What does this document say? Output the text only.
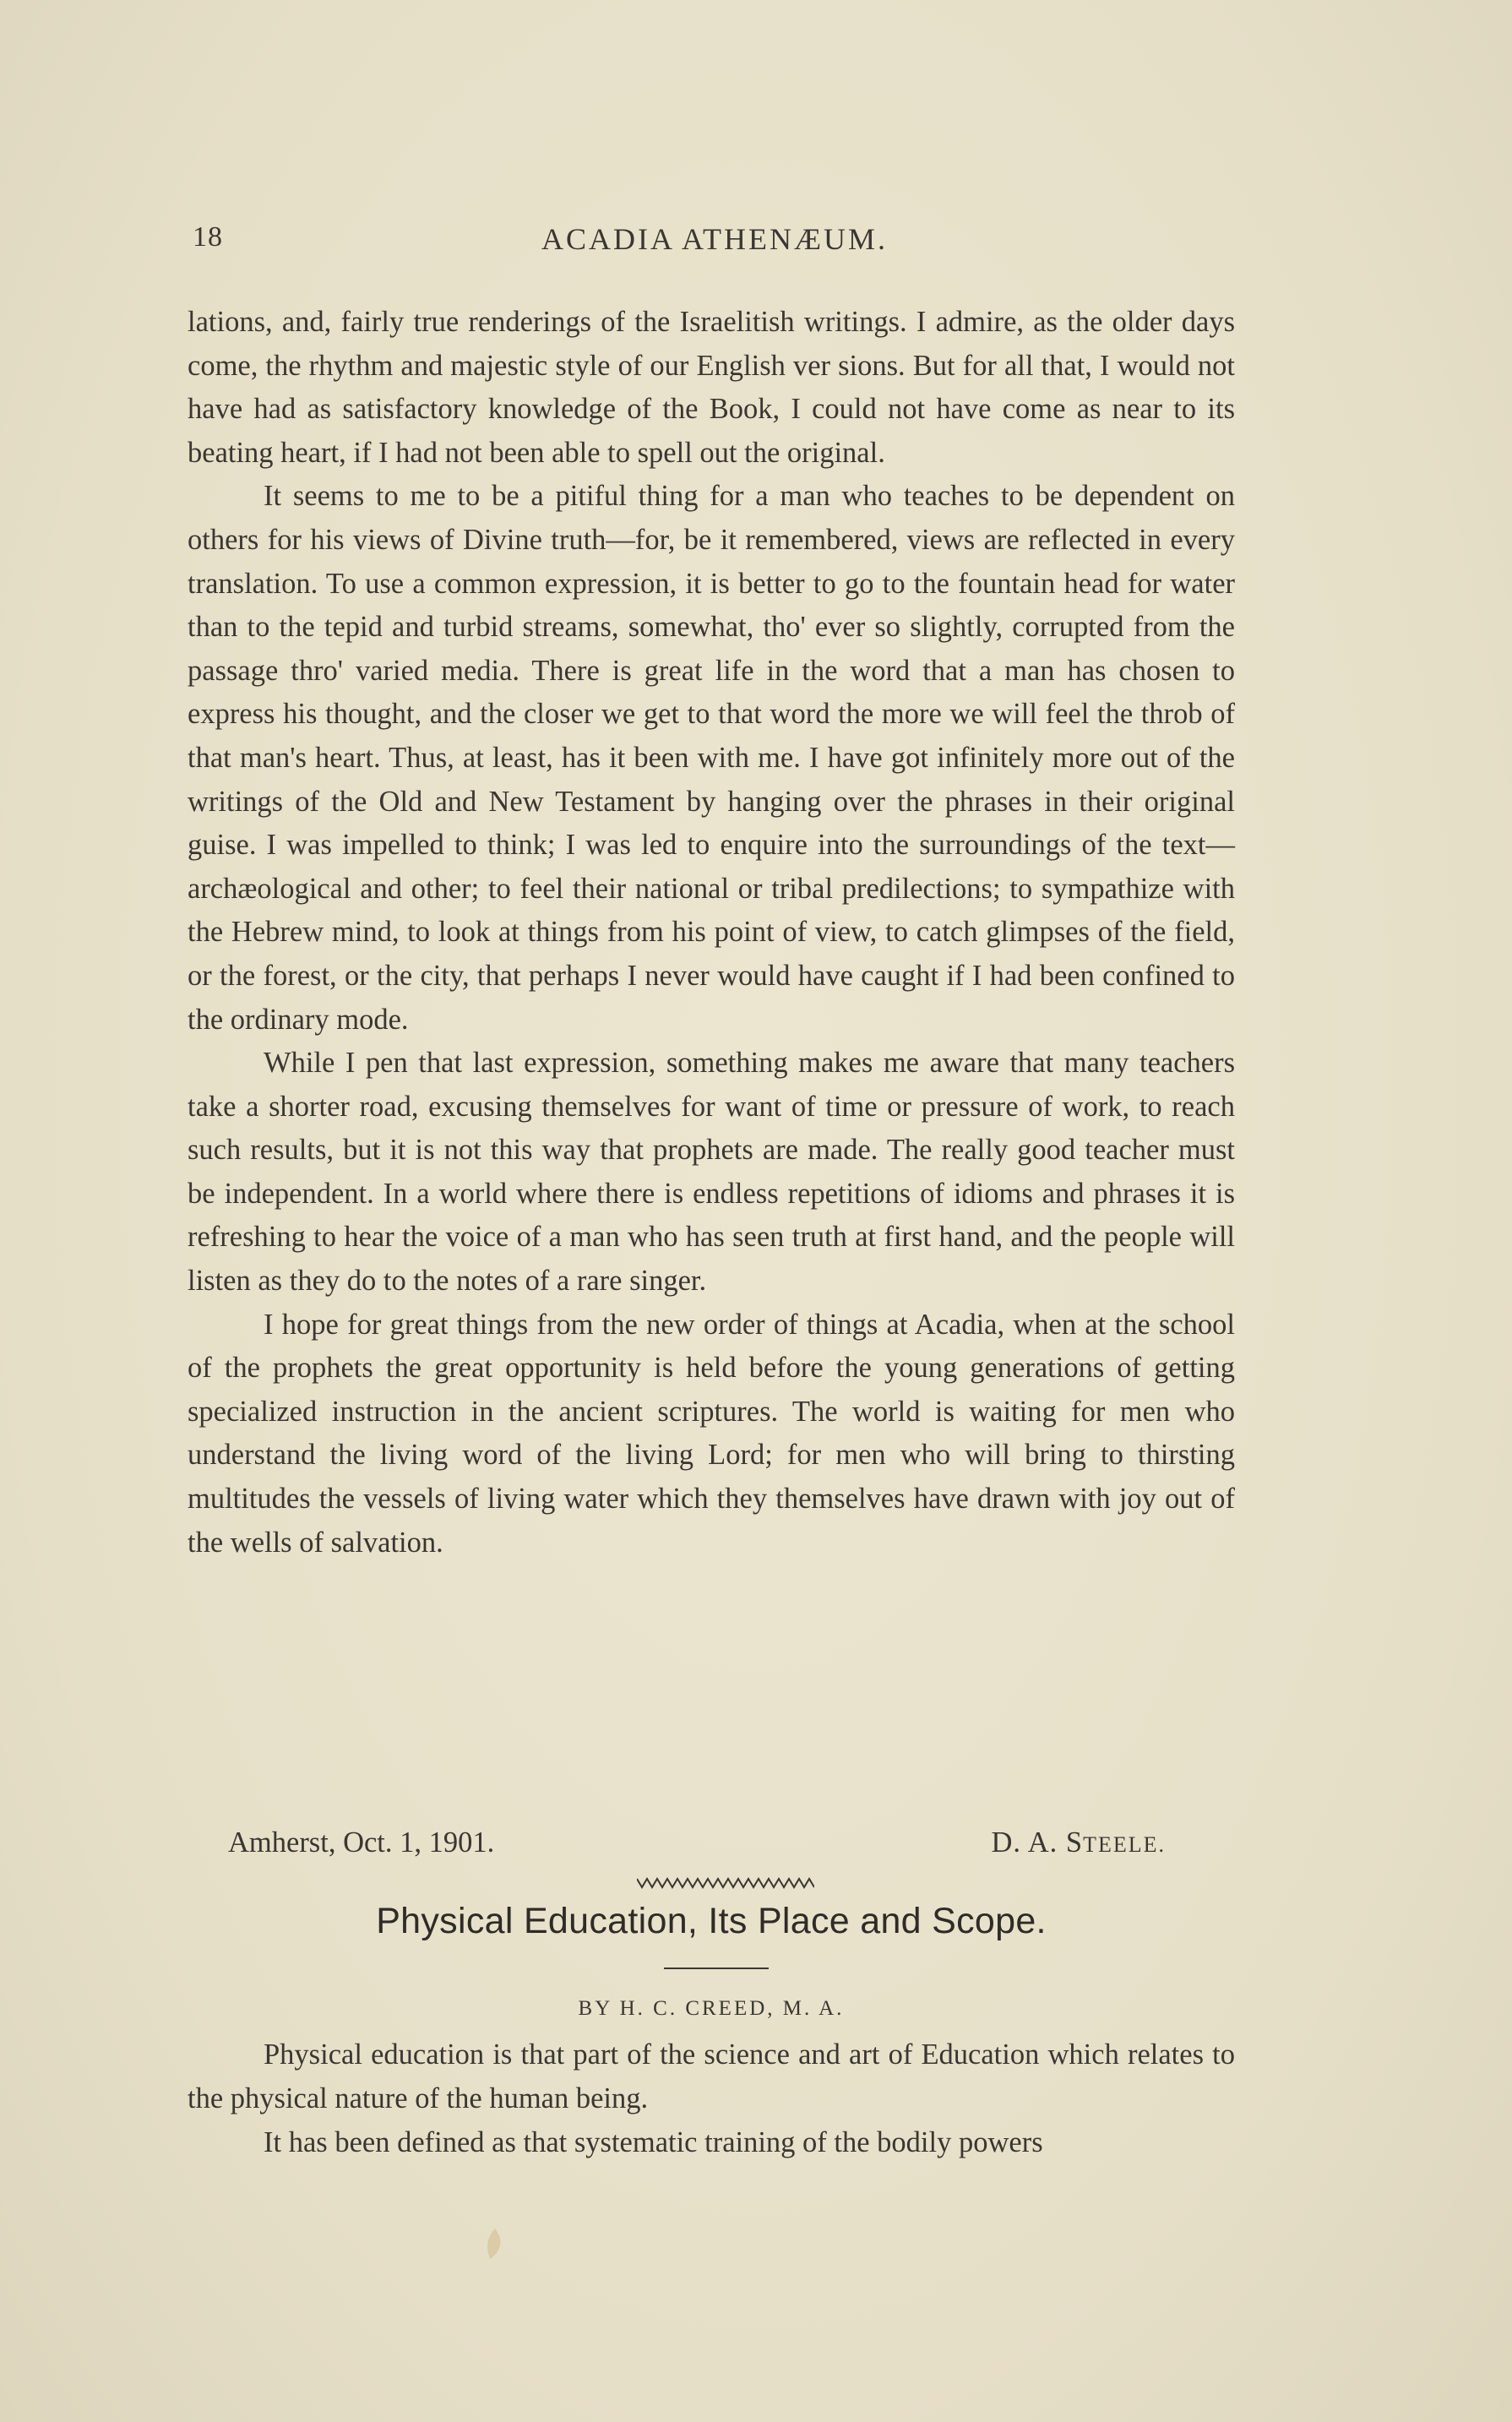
18	ACADIA ATHENÆUM.

lations, and, fairly true renderings of the Israelitish writings. I admire, as the older days come, the rhythm and majestic style of our English ver sions. But for all that, I would not have had as satisfactory knowledge of the Book, I could not have come as near to its beating heart, if I had not been able to spell out the original.

It seems to me to be a pitiful thing for a man who teaches to be dependent on others for his views of Divine truth—for, be it remembered, views are reflected in every translation. To use a common expression, it is better to go to the fountain head for water than to the tepid and turbid streams, somewhat, tho' ever so slightly, corrupted from the passage thro' varied media. There is great life in the word that a man has chosen to express his thought, and the closer we get to that word the more we will feel the throb of that man's heart. Thus, at least, has it been with me. I have got infinitely more out of the writings of the Old and New Testament by hanging over the phrases in their original guise. I was impelled to think; I was led to enquire into the surroundings of the text—archæological and other; to feel their national or tribal predilections; to sympathize with the Hebrew mind, to look at things from his point of view, to catch glimpses of the field, or the forest, or the city, that perhaps I never would have caught if I had been confined to the ordinary mode.

While I pen that last expression, something makes me aware that many teachers take a shorter road, excusing themselves for want of time or pressure of work, to reach such results, but it is not this way that prophets are made. The really good teacher must be independent. In a world where there is endless repetitions of idioms and phrases it is refreshing to hear the voice of a man who has seen truth at first hand, and the people will listen as they do to the notes of a rare singer.

I hope for great things from the new order of things at Acadia, when at the school of the prophets the great opportunity is held before the young generations of getting specialized instruction in the ancient scriptures. The world is waiting for men who understand the living word of the living Lord; for men who will bring to thirsting multitudes the vessels of living water which they themselves have drawn with joy out of the wells of salvation.

Amherst, Oct. 1, 1901.	D. A. STEELE.
Physical Education, Its Place and Scope.
BY H. C. CREED, M. A.

Physical education is that part of the science and art of Education which relates to the physical nature of the human being.

It has been defined as that systematic training of the bodily powers
